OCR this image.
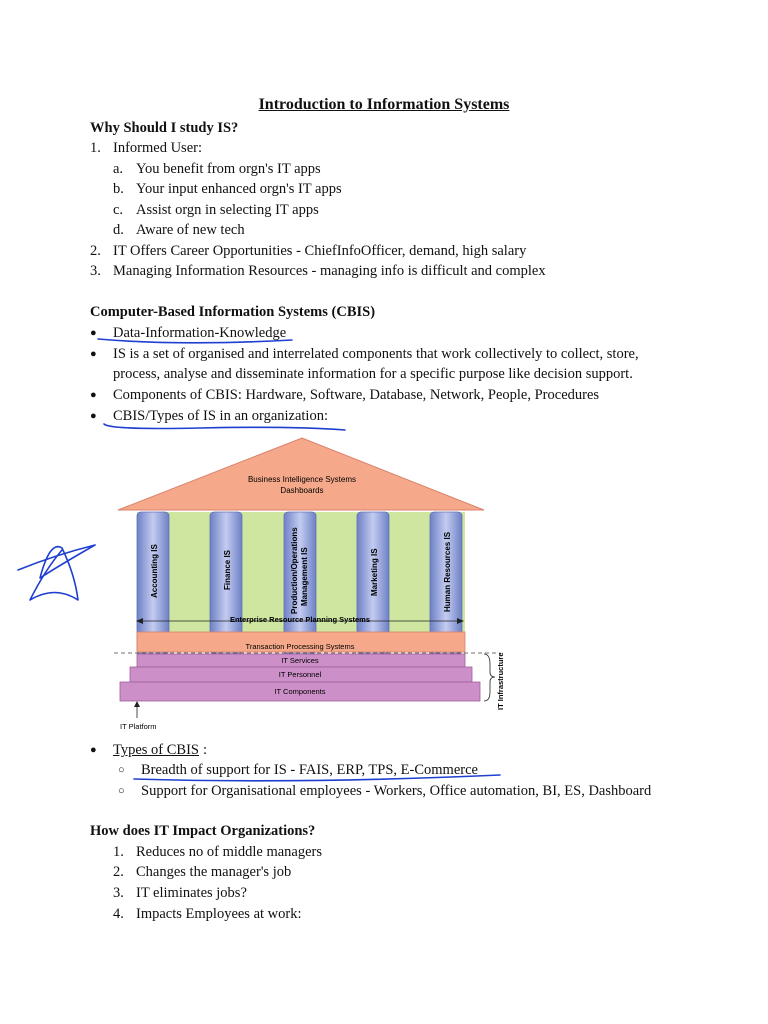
Introduction to Information Systems
Why Should I study IS?
1. Informed User:
a. You benefit from orgn's IT apps
b. Your input enhanced orgn's IT apps
c. Assist orgn in selecting IT apps
d. Aware of new tech
2. IT Offers Career Opportunities - ChiefInfoOfficer, demand, high salary
3. Managing Information Resources - managing info is difficult and complex
Computer-Based Information Systems (CBIS)
● Data-Information-Knowledge
● IS is a set of organised and interrelated components that work collectively to collect, store,
process, analyse and disseminate information for a specific purpose like decision support.
● Components of CBIS: Hardware, Software, Database, Network, People, Procedures
● CBIS/Types of IS in an organization:
Business Intelligence Systems
Dashboards
Accounting IS	Finance IS	Production/Operations Management IS	Marketing IS	Human Resources IS
Enterprise Resource Planning Systems
Transaction Processing Systems
IT Services
IT Personnel
IT Components	IT Infrastructure
IT Platform
● Types of CBIS :
○ Breadth of support for IS - FAIS, ERP, TPS, E-Commerce
○ Support for Organisational employees - Workers, Office automation, BI, ES, Dashboard
How does IT Impact Organizations?
1. Reduces no of middle managers
2. Changes the manager's job
3. IT eliminates jobs?
4. Impacts Employees at work:
